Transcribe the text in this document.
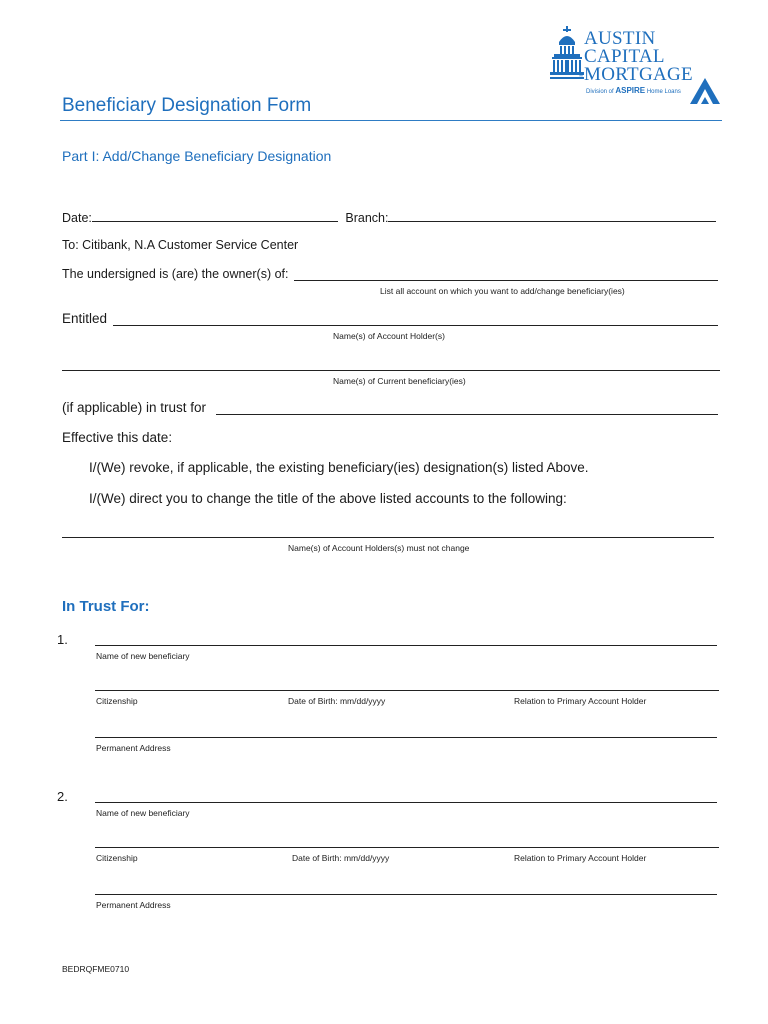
AUSTIN
CAPITAL
MORTGAGE
™
Division of ASPIRE Home Loans
Beneficiary Designation Form
Part I: Add/Change Beneficiary Designation
Date:	Branch:
To: Citibank, N.A Customer Service Center
The undersigned is (are) the owner(s) of:
List all account on which you want to add/change beneficiary(ies)
Entitled
Name(s) of Account Holder(s)
Name(s) of Current beneficiary(ies)
(if applicable) in trust for
Effective this date:
I/(We) revoke, if applicable, the existing beneficiary(ies) designation(s) listed Above.
I/(We) direct you to change the title of the above listed accounts to the following:
Name(s) of Account Holders(s) must not change
In Trust For:
1.
Name of new beneficiary
Citizenship	Date of Birth: mm/dd/yyyy	Relation to Primary Account Holder
Permanent Address
2.
Name of new beneficiary
Citizenship	Date of Birth: mm/dd/yyyy	Relation to Primary Account Holder
Permanent Address
BEDRQFME0710
